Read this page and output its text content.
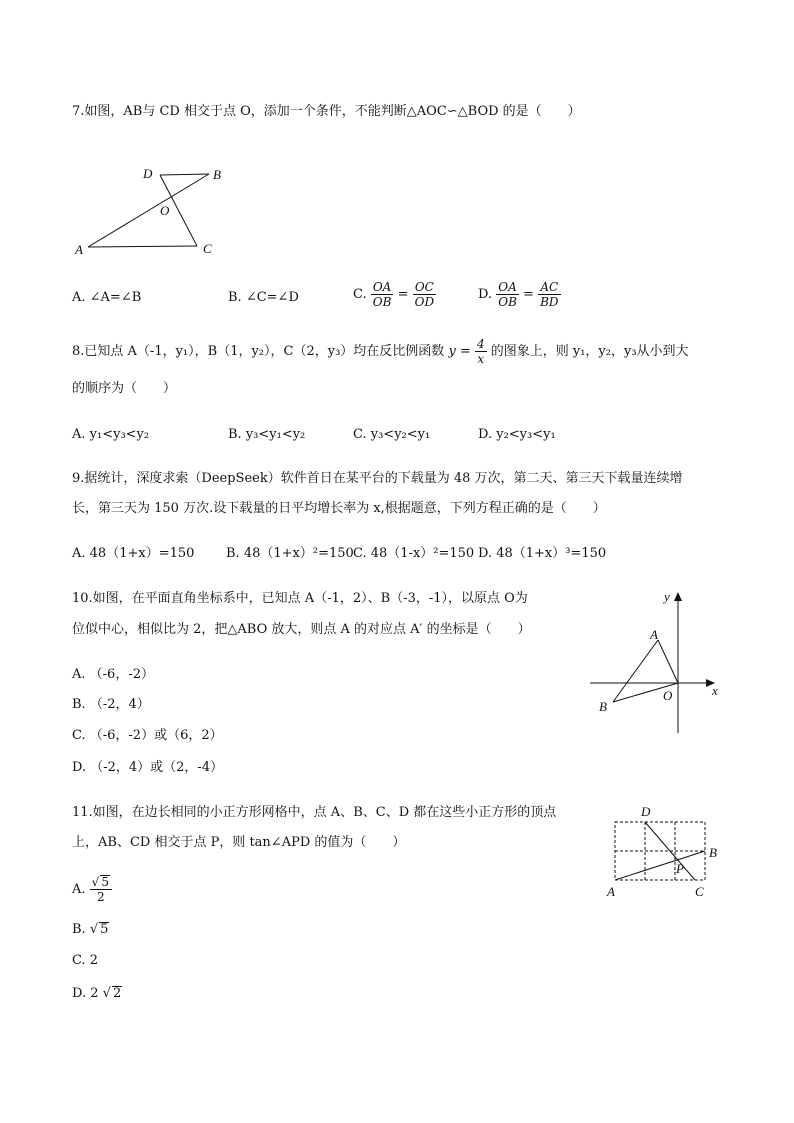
7.如图，AB与 CD 相交于点 O，添加一个条件，不能判断△AOC∽△BOD 的是（　　）
D	B
O
A	C
A. ∠A=∠B	B. ∠C=∠D	C. $\frac{OA}{OB} = \frac{OC}{OD}$	D. $\frac{OA}{OB} = \frac{AC}{BD}$
8.已知点 A（-1，y₁），B（1，y₂），C（2，y₃）均在反比例函数 $y = \frac{4}{x}$ 的图象上，则 y₁，y₂，y₃从小到大
的顺序为（　　）
A. y₁<y₃<y₂	B. y₃<y₁<y₂	C. y₃<y₂<y₁	D. y₂<y₃<y₁
9.据统计，深度求索（DeepSeek）软件首日在某平台的下载量为 48 万次，第二天、第三天下载量连续增
长，第三天为 150 万次.设下载量的日平均增长率为 x,根据题意，下列方程正确的是（　　）
A. 48（1+x）=150 B. 48（1+x）²=150 C. 48（1-x）²=150 D. 48（1+x）³=150
10.如图，在平面直角坐标系中，已知点 A（-1，2）、B（-3，-1），以原点 O为
位似中心，相似比为 2，把△ABO 放大，则点 A 的对应点 A′ 的坐标是（　　）
A. （-6，-2）
B. （-2，4）
C. （-6，-2）或（6，2）
D. （-2，4）或（2，-4）
y
x
A
B
O
11.如图，在边长相同的小正方形网格中，点 A、B、C、D 都在这些小正方形的顶点
上，AB、CD 相交于点 P，则 tan∠APD 的值为（　　）
A. $\frac{√ 5}{2}$
B. √ 5
C. 2
D. 2 √ 2
D
B
P
A	C
